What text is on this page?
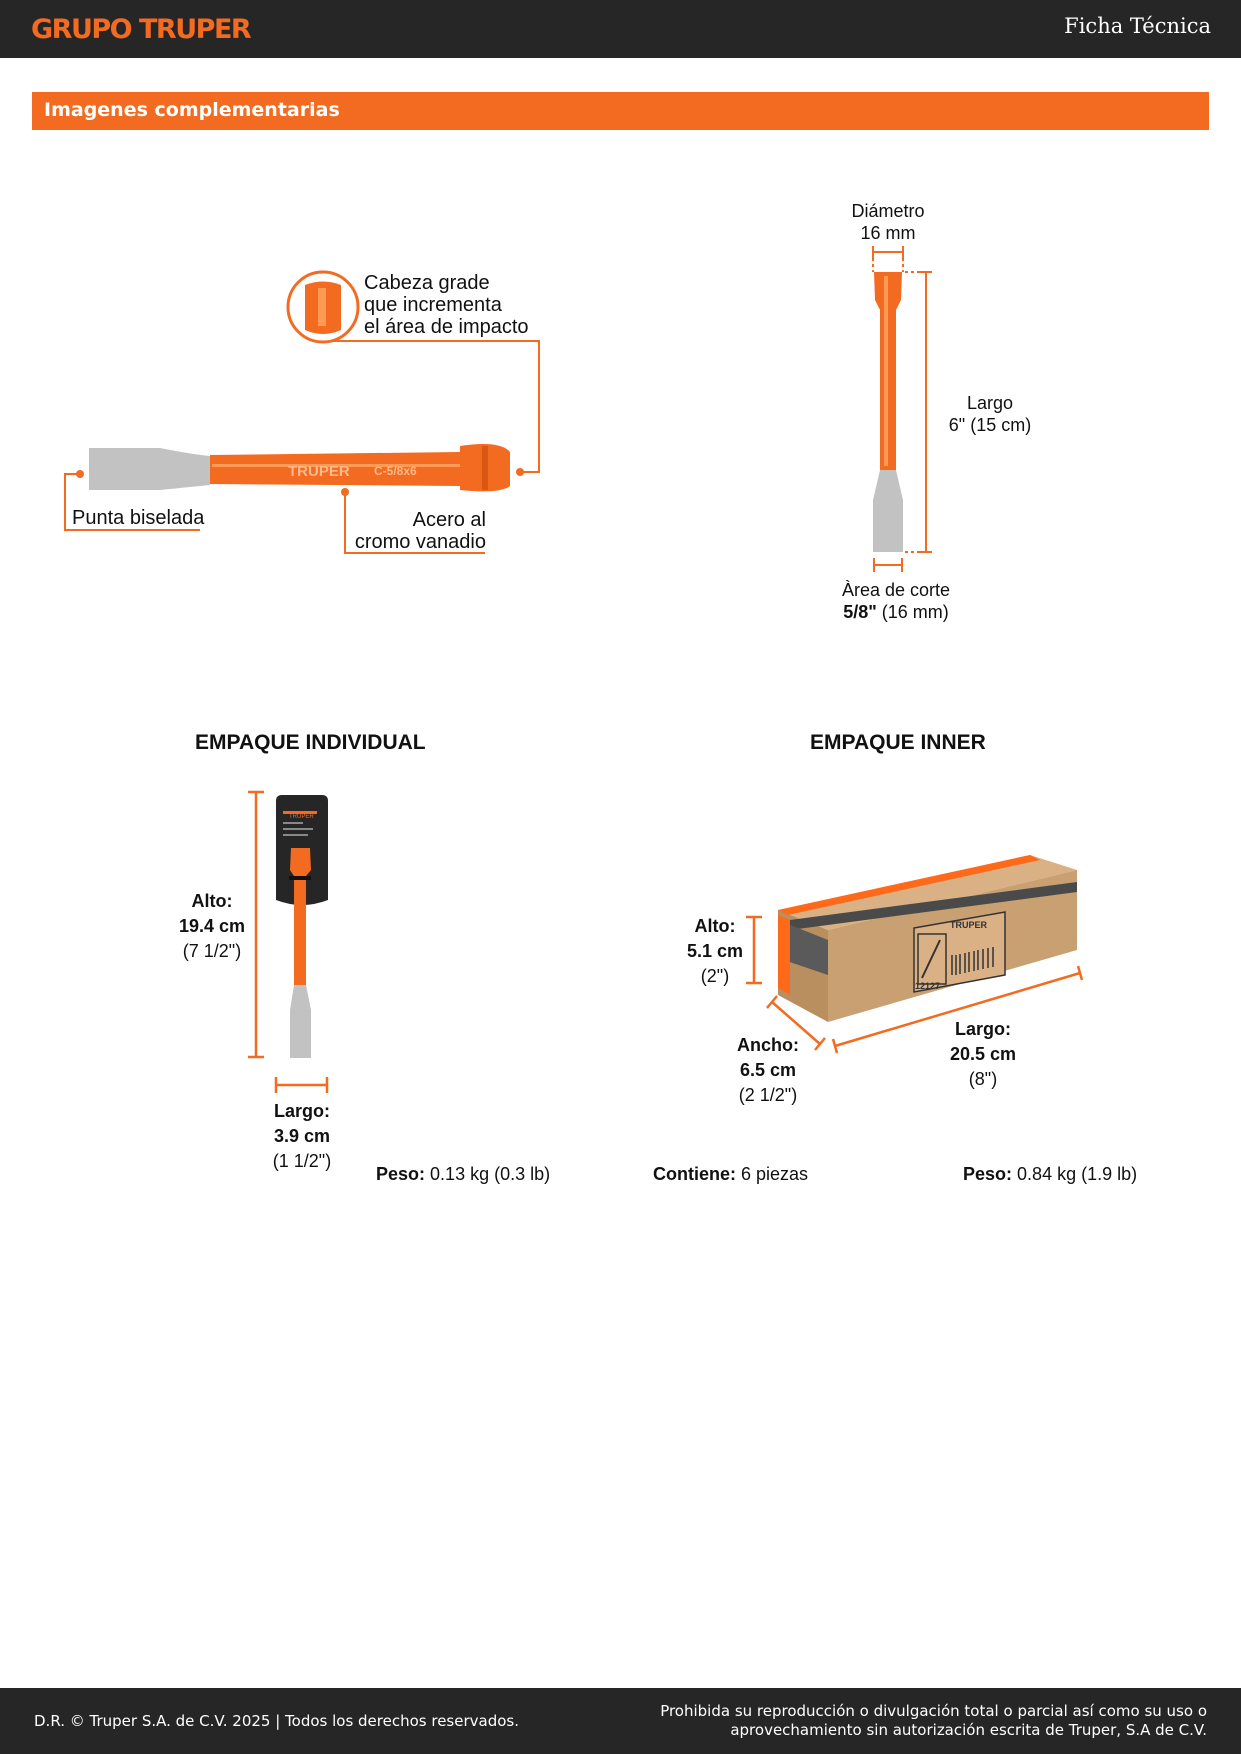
GRUPO TRUPER	Ficha Técnica
Imagenes complementarias
TRUPER C-5/8x6
TRUPER
TRUPER
12127
Cabeza grade
que incrementa
el área de impacto
Punta biselada	Acero al
cromo vanadio
Diámetro
16 mm
Largo
6" (15 cm)
Àrea de corte
5/8" (16 mm)
EMPAQUE INDIVIDUAL	EMPAQUE INNER
Alto:
19.4 cm
(7 1/2")
Largo:
3.9 cm
(1 1/2")
Peso: 0.13 kg (0.3 lb)
Alto:
5.1 cm
(2")
Ancho:
6.5 cm
(2 1/2")
Largo:
20.5 cm
(8")
Contiene: 6 piezas	Peso: 0.84 kg (1.9 lb)
D.R. © Truper S.A. de C.V. 2025 | Todos los derechos reservados.
Prohibida su reproducción o divulgación total o parcial así como su uso o
aprovechamiento sin autorización escrita de Truper, S.A de C.V.
